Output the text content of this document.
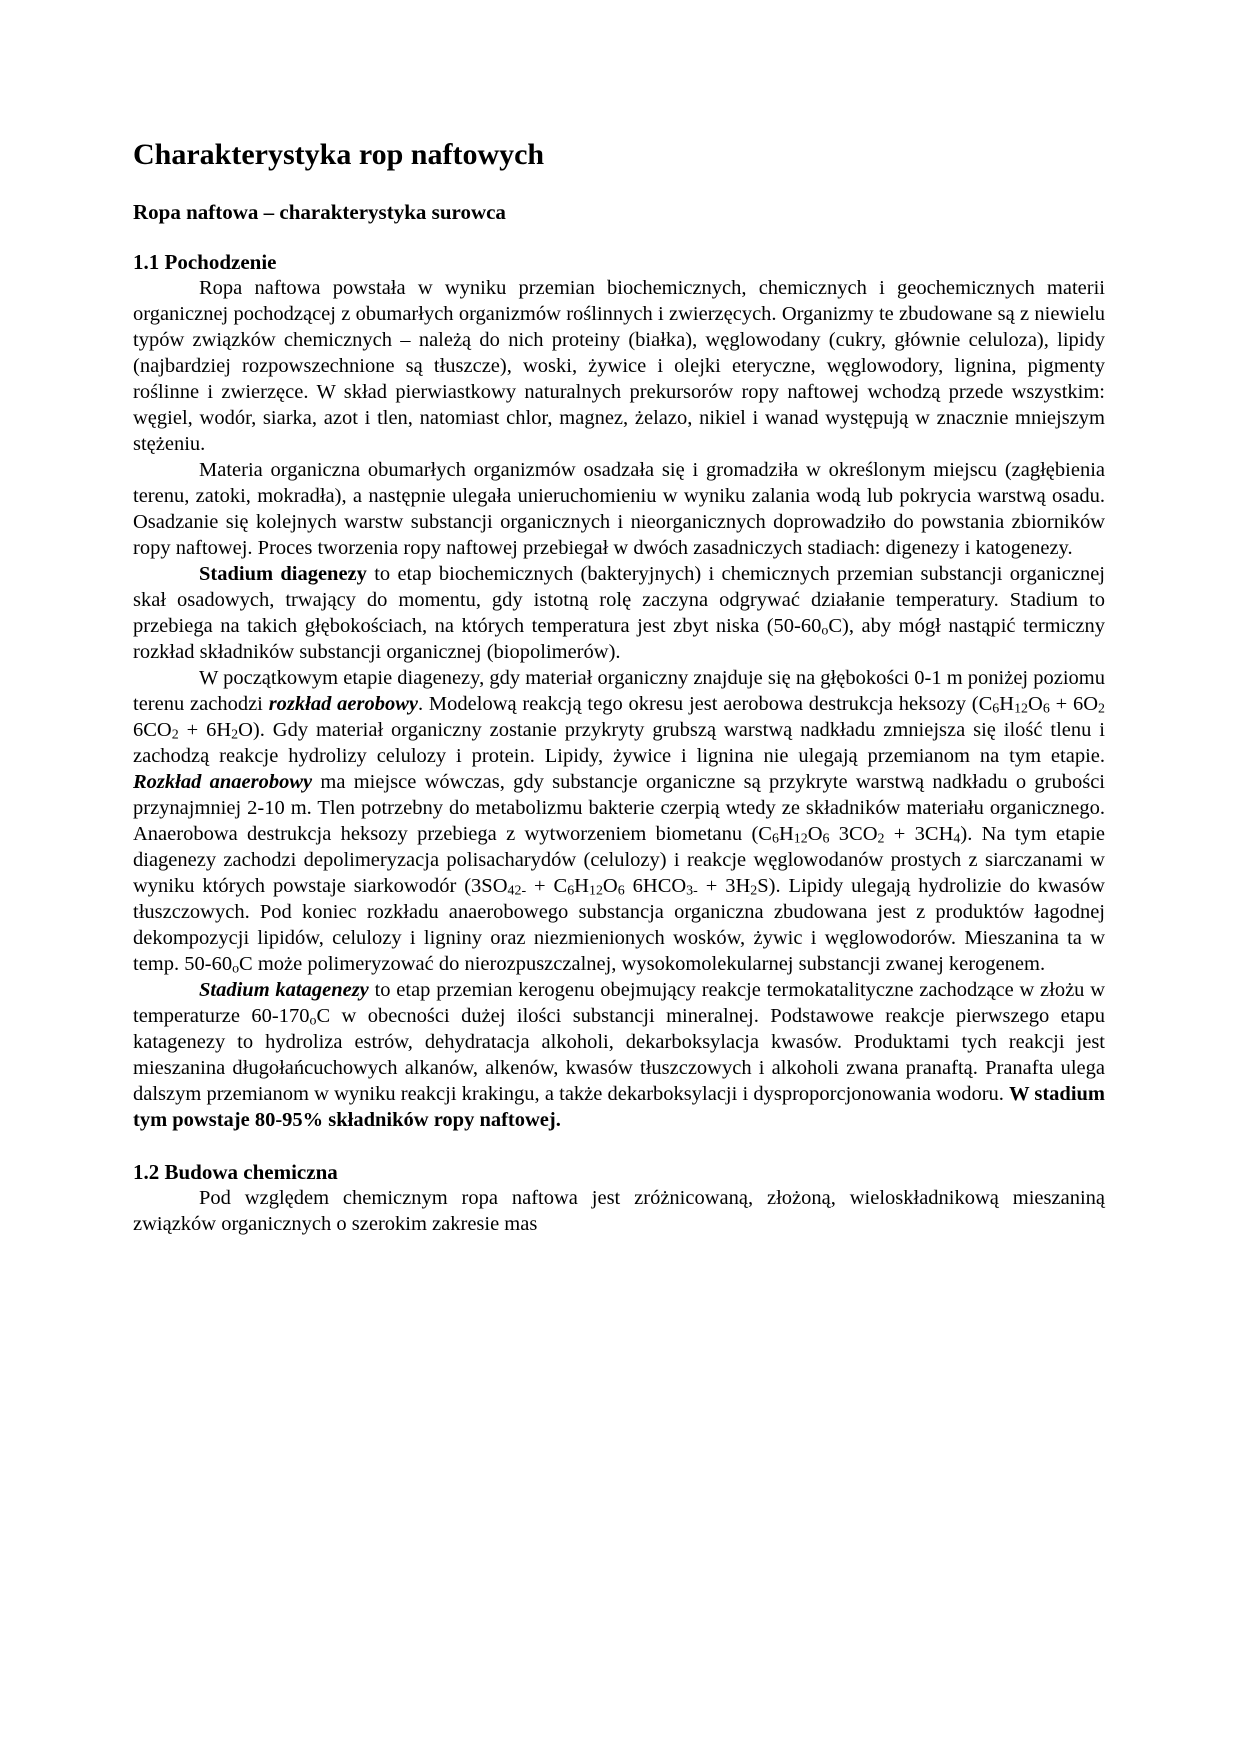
Charakterystyka rop naftowych
Ropa naftowa – charakterystyka surowca
1.1 Pochodzenie

Ropa naftowa powstała w wyniku przemian biochemicznych, chemicznych i geochemicznych materii organicznej pochodzącej z obumarłych organizmów roślinnych i zwierzęcych. Organizmy te zbudowane są z niewielu typów związków chemicznych – należą do nich proteiny (białka), węglowodany (cukry, głównie celuloza), lipidy (najbardziej rozpowszechnione są tłuszcze), woski, żywice i olejki eteryczne, węglowodory, lignina, pigmenty roślinne i zwierzęce. W skład pierwiastkowy naturalnych prekursorów ropy naftowej wchodzą przede wszystkim: węgiel, wodór, siarka, azot i tlen, natomiast chlor, magnez, żelazo, nikiel i wanad występują w znacznie mniejszym stężeniu.

Materia organiczna obumarłych organizmów osadzała się i gromadziła w określonym miejscu (zagłębienia terenu, zatoki, mokradła), a następnie ulegała unieruchomieniu w wyniku zalania wodą lub pokrycia warstwą osadu. Osadzanie się kolejnych warstw substancji organicznych i nieorganicznych doprowadziło do powstania zbiorników ropy naftowej. Proces tworzenia ropy naftowej przebiegał w dwóch zasadniczych stadiach: digenezy i katogenezy.

Stadium diagenezy to etap biochemicznych (bakteryjnych) i chemicznych przemian substancji organicznej skał osadowych, trwający do momentu, gdy istotną rolę zaczyna odgrywać działanie temperatury. Stadium to przebiega na takich głębokościach, na których temperatura jest zbyt niska (50-60oC), aby mógł nastąpić termiczny rozkład składników substancji organicznej (biopolimerów).

W początkowym etapie diagenezy, gdy materiał organiczny znajduje się na głębokości 0-1 m poniżej poziomu terenu zachodzi rozkład aerobowy. Modelową reakcją tego okresu jest aerobowa destrukcja heksozy (C6H12O6 + 6O2 6CO2 + 6H2O). Gdy materiał organiczny zostanie przykryty grubszą warstwą nadkładu zmniejsza się ilość tlenu i zachodzą reakcje hydrolizy celulozy i protein. Lipidy, żywice i lignina nie ulegają przemianom na tym etapie. Rozkład anaerobowy ma miejsce wówczas, gdy substancje organiczne są przykryte warstwą nadkładu o grubości przynajmniej 2-10 m. Tlen potrzebny do metabolizmu bakterie czerpią wtedy ze składników materiału organicznego. Anaerobowa destrukcja heksozy przebiega z wytworzeniem biometanu (C6H12O6 3CO2 + 3CH4). Na tym etapie diagenezy zachodzi depolimeryzacja polisacharydów (celulozy) i reakcje węglowodanów prostych z siarczanami w wyniku których powstaje siarkowodór (3SO42- + C6H12O6 6HCO3- + 3H2S). Lipidy ulegają hydrolizie do kwasów tłuszczowych. Pod koniec rozkładu anaerobowego substancja organiczna zbudowana jest z produktów łagodnej dekompozycji lipidów, celulozy i ligniny oraz niezmienionych wosków, żywic i węglowodorów. Mieszanina ta w temp. 50-60oC może polimeryzować do nierozpuszczalnej, wysokomolekularnej substancji zwanej kerogenem.

Stadium katagenezy to etap przemian kerogenu obejmujący reakcje termokatalityczne zachodzące w złożu w temperaturze 60-170oC w obecności dużej ilości substancji mineralnej. Podstawowe reakcje pierwszego etapu katagenezy to hydroliza estrów, dehydratacja alkoholi, dekarboksylacja kwasów. Produktami tych reakcji jest mieszanina długołańcuchowych alkanów, alkenów, kwasów tłuszczowych i alkoholi zwana pranaftą. Pranafta ulega dalszym przemianom w wyniku reakcji krakingu, a także dekarboksylacji i dysproporcjonowania wodoru. W stadium tym powstaje 80-95% składników ropy naftowej.

1.2 Budowa chemiczna

Pod względem chemicznym ropa naftowa jest zróżnicowaną, złożoną, wieloskładnikową mieszaniną związków organicznych o szerokim zakresie mas
